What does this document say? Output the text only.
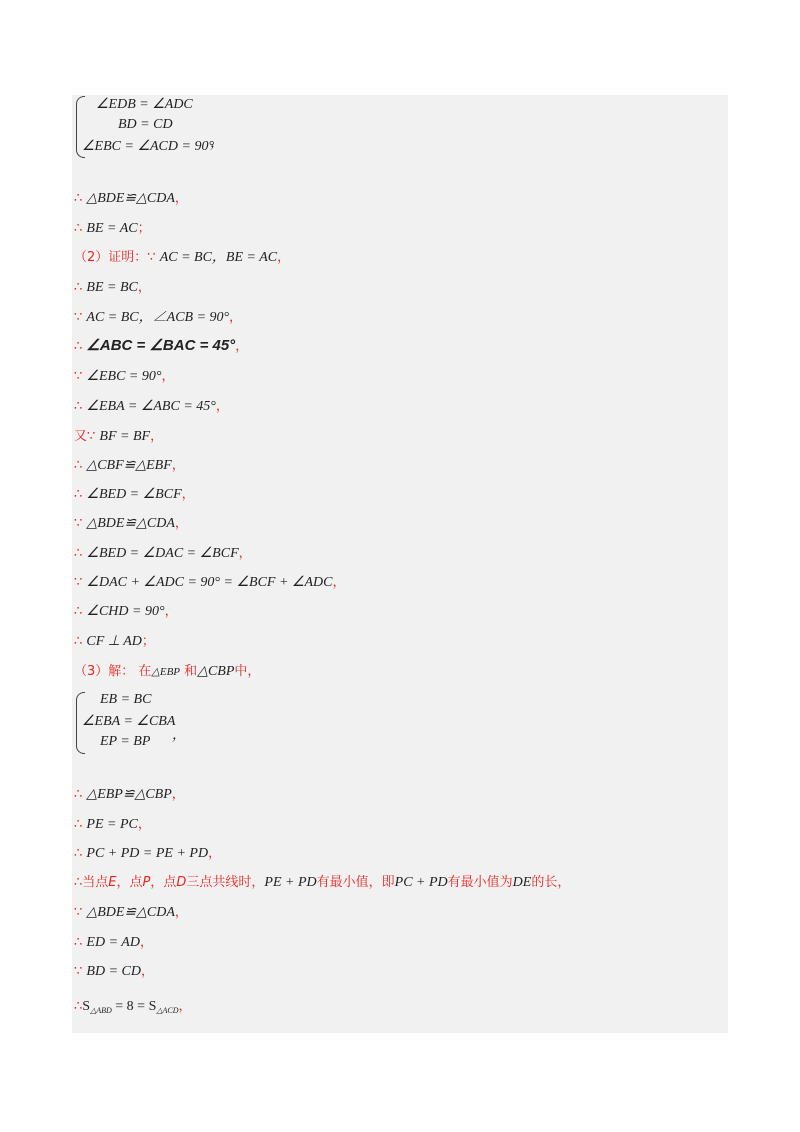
∠EDB = ∠ADC
BD = CD
∠EBC = ∠ACD = 90°
，
∴ △BDE≌△CDA，
∴ BE = AC；
（2）证明：∵ AC = BC，BE = AC，
∴ BE = BC，
∵ AC = BC，∠ACB = 90°，
∴ ∠ABC = ∠BAC = 45°，
∵ ∠EBC = 90°，
∴ ∠EBA = ∠ABC = 45°，
又∵ BF = BF，
∴ △CBF≌△EBF，
∴ ∠BED = ∠BCF，
∵ △BDE≌△CDA，
∴ ∠BED = ∠DAC = ∠BCF，
∵ ∠DAC + ∠ADC = 90° = ∠BCF + ∠ADC，
∴ ∠CHD = 90°，
∴ CF ⊥ AD；
（3）解： 在△EBP 和△CBP中，
EB = BC
∠EBA = ∠CBA
EP = BP ，
∴ △EBP≌△CBP，
∴ PE = PC，
∴ PC + PD = PE + PD，
∴当点E，点P，点D三点共线时，PE + PD有最小值，即PC + PD有最小值为DE的长，
∵ △BDE≌△CDA，
∴ ED = AD，
∵ BD = CD，
$\therefore S_{\triangle ABD} = 8 = S_{\triangle ACD}$，
